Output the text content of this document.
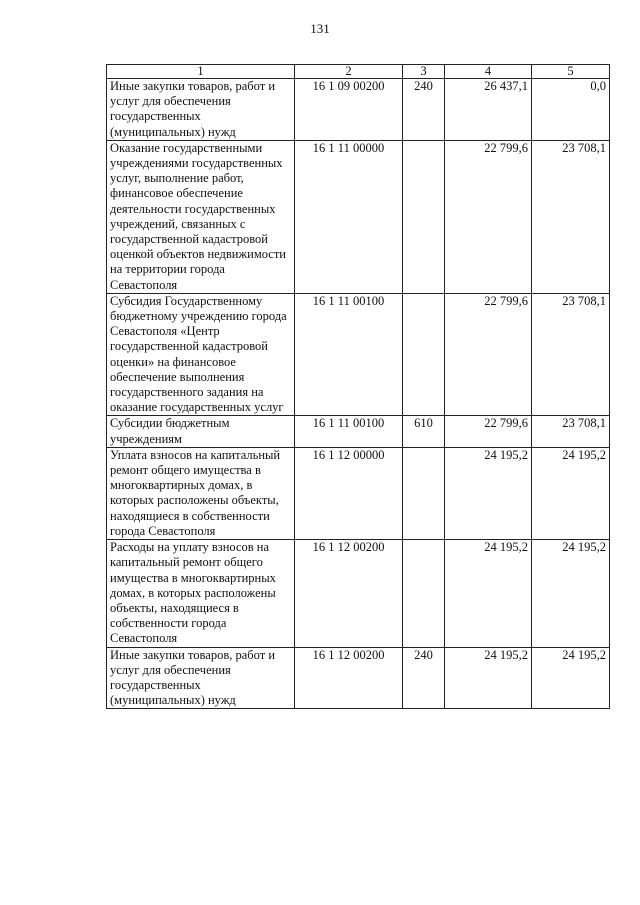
131
1	2	3	4	5
Иные закупки товаров, работ и услуг для обеспечения государственных (муниципальных) нужд	16 1 09 00200	240	26 437,1	0,0
Оказание государственными учреждениями государственных услуг, выполнение работ, финансовое обеспечение деятельности государственных учреждений, связанных с государственной кадастровой оценкой объектов недвижимости на территории города Севастополя	16 1 11 00000		22 799,6	23 708,1
Субсидия Государственному бюджетному учреждению города Севастополя «Центр государственной кадастровой оценки» на финансовое обеспечение выполнения государственного задания на оказание государственных услуг	16 1 11 00100		22 799,6	23 708,1
Субсидии бюджетным учреждениям	16 1 11 00100	610	22 799,6	23 708,1
Уплата взносов на капитальный ремонт общего имущества в многоквартирных домах, в которых расположены объекты, находящиеся в собственности города Севастополя	16 1 12 00000		24 195,2	24 195,2
Расходы на уплату взносов на капитальный ремонт общего имущества в многоквартирных домах, в которых расположены объекты, находящиеся в собственности города Севастополя	16 1 12 00200		24 195,2	24 195,2
Иные закупки товаров, работ и услуг для обеспечения государственных (муниципальных) нужд	16 1 12 00200	240	24 195,2	24 195,2
